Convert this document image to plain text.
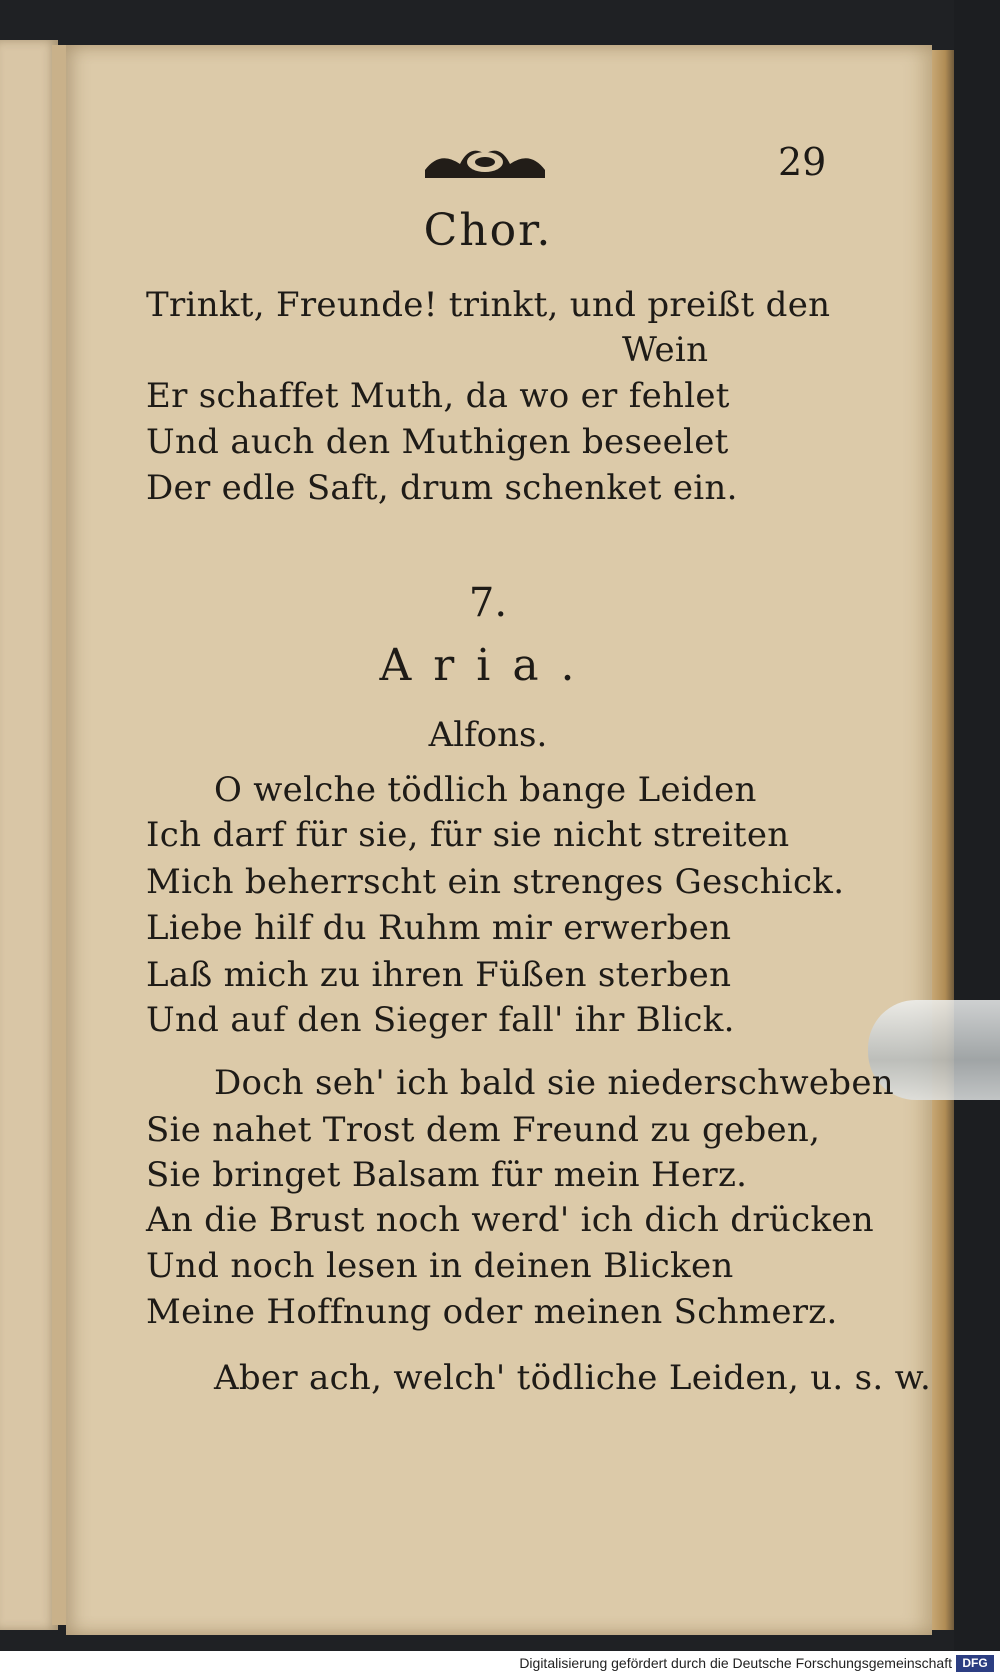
29
Chor.
Trinkt, Freunde! trinkt, und preißt den
Wein
Er schaffet Muth, da wo er fehlet
Und auch den Muthigen beseelet
Der edle Saft, drum schenket ein.
7.
Aria.
Alfons.
O welche tödlich bange Leiden
Ich darf für sie, für sie nicht streiten
Mich beherrscht ein strenges Geschick.
Liebe hilf du Ruhm mir erwerben
Laß mich zu ihren Füßen sterben
Und auf den Sieger fall' ihr Blick.
Doch seh' ich bald sie niederschweben
Sie nahet Trost dem Freund zu geben,
Sie bringet Balsam für mein Herz.
An die Brust noch werd' ich dich drücken
Und noch lesen in deinen Blicken
Meine Hoffnung oder meinen Schmerz.
Aber ach, welch' tödliche Leiden, u. s. w.
Digitalisierung gefördert durch die Deutsche Forschungsgemeinschaft DFG
